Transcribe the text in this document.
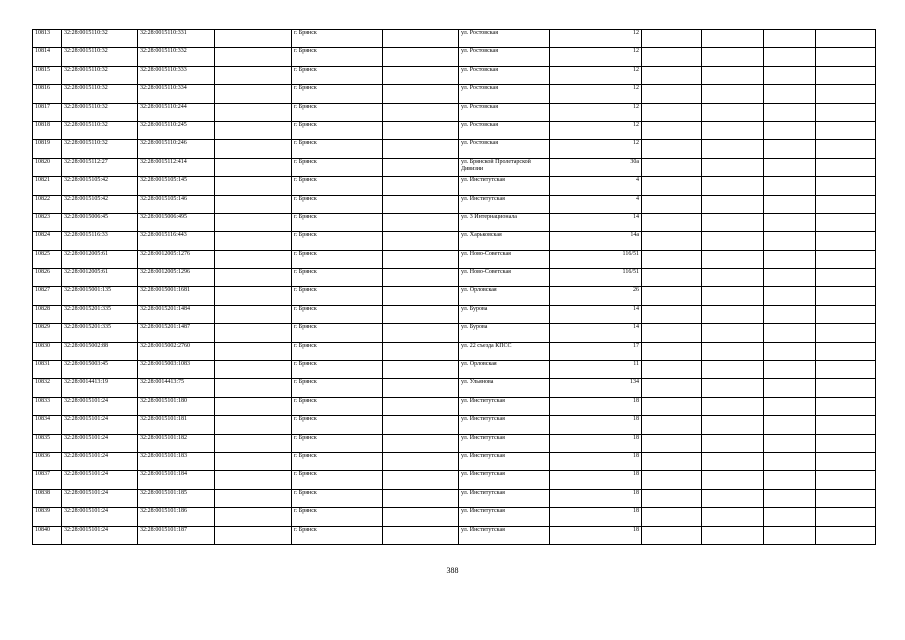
10813	32:28:0015110:32	32:28:0015110:331		г. Брянск		ул. Ростовская	12				
10814	32:28:0015110:32	32:28:0015110:332		г. Брянск		ул. Ростовская	12				
10815	32:28:0015110:32	32:28:0015110:333		г. Брянск		ул. Ростовская	12				
10816	32:28:0015110:32	32:28:0015110:334		г. Брянск		ул. Ростовская	12				
10817	32:28:0015110:32	32:28:0015110:244		г. Брянск		ул. Ростовская	12				
10818	32:28:0015110:32	32:28:0015110:245		г. Брянск		ул. Ростовская	12				
10819	32:28:0015110:32	32:28:0015110:246		г. Брянск		ул. Ростовская	12				
10820	32:28:0015112:27	32:28:0015112:414		г. Брянск		ул. Брянской Пролетарской Дивизии	30а				
10821	32:28:0015105:42	32:28:0015105:145		г. Брянск		ул. Институтская	4				
10822	32:28:0015105:42	32:28:0015105:146		г. Брянск		ул. Институтская	4				
10823	32:28:0015006:45	32:28:0015006:495		г. Брянск		ул. 3 Интернационала	14				
10824	32:28:0015116:33	32:28:0015116:443		г. Брянск		ул. Харьковская	14а				
10825	32:28:0012005:61	32:28:0012005:1276		г. Брянск		ул. Ново-Советская	116/51				
10826	32:28:0012005:61	32:28:0012005:1296		г. Брянск		ул. Ново-Советская	116/51				
10827	32:28:0015001:135	32:28:0015001:1681		г. Брянск		ул. Орловская	26				
10828	32:28:0015201:335	32:28:0015201:1484		г. Брянск		ул. Бурова	14				
10829	32:28:0015201:335	32:28:0015201:1487		г. Брянск		ул. Бурова	14				
10830	32:28:0015002:88	32:28:0015002:2760		г. Брянск		ул. 22 съезда КПСС	17				
10831	32:28:0015003:45	32:28:0015003:1083		г. Брянск		ул. Орловская	11				
10832	32:28:0014413:19	32:28:0014413:75		г. Брянск		ул. Ульянова	134				
10833	32:28:0015101:24	32:28:0015101:180		г. Брянск		ул. Институтская	18				
10834	32:28:0015101:24	32:28:0015101:181		г. Брянск		ул. Институтская	18				
10835	32:28:0015101:24	32:28:0015101:182		г. Брянск		ул. Институтская	18				
10836	32:28:0015101:24	32:28:0015101:183		г. Брянск		ул. Институтская	18				
10837	32:28:0015101:24	32:28:0015101:184		г. Брянск		ул. Институтская	18				
10838	32:28:0015101:24	32:28:0015101:185		г. Брянск		ул. Институтская	18				
10839	32:28:0015101:24	32:28:0015101:186		г. Брянск		ул. Институтская	18				
10840	32:28:0015101:24	32:28:0015101:187		г. Брянск		ул. Институтская	18				
388
